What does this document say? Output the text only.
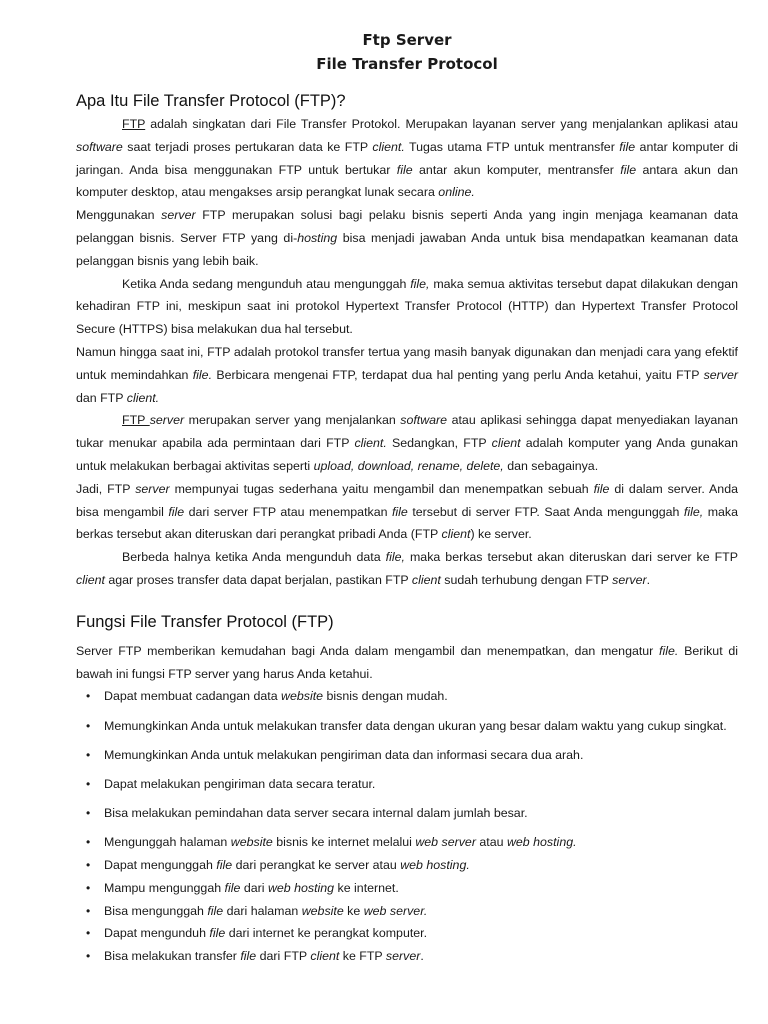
Ftp Server
File Transfer Protocol
Apa Itu File Transfer Protocol (FTP)?

FTP adalah singkatan dari File Transfer Protokol. Merupakan layanan server yang menjalankan aplikasi atau software saat terjadi proses pertukaran data ke FTP client. Tugas utama FTP untuk mentransfer file antar komputer di jaringan. Anda bisa menggunakan FTP untuk bertukar file antar akun komputer, mentransfer file antara akun dan komputer desktop, atau mengakses arsip perangkat lunak secara online.

Menggunakan server FTP merupakan solusi bagi pelaku bisnis seperti Anda yang ingin menjaga keamanan data pelanggan bisnis. Server FTP yang di-hosting bisa menjadi jawaban Anda untuk bisa mendapatkan keamanan data pelanggan bisnis yang lebih baik.

Ketika Anda sedang mengunduh atau mengunggah file, maka semua aktivitas tersebut dapat dilakukan dengan kehadiran FTP ini, meskipun saat ini protokol Hypertext Transfer Protocol (HTTP) dan Hypertext Transfer Protocol Secure (HTTPS) bisa melakukan dua hal tersebut.

Namun hingga saat ini, FTP adalah protokol transfer tertua yang masih banyak digunakan dan menjadi cara yang efektif untuk memindahkan file. Berbicara mengenai FTP, terdapat dua hal penting yang perlu Anda ketahui, yaitu FTP server dan FTP client.

FTP server merupakan server yang menjalankan software atau aplikasi sehingga dapat menyediakan layanan tukar menukar apabila ada permintaan dari FTP client. Sedangkan, FTP client adalah komputer yang Anda gunakan untuk melakukan berbagai aktivitas seperti upload, download, rename, delete, dan sebagainya.

Jadi, FTP server mempunyai tugas sederhana yaitu mengambil dan menempatkan sebuah file di dalam server. Anda bisa mengambil file dari server FTP atau menempatkan file tersebut di server FTP. Saat Anda mengunggah file, maka berkas tersebut akan diteruskan dari perangkat pribadi Anda (FTP client) ke server.

Berbeda halnya ketika Anda mengunduh data file, maka berkas tersebut akan diteruskan dari server ke FTP client agar proses transfer data dapat berjalan, pastikan FTP client sudah terhubung dengan FTP server.

Fungsi File Transfer Protocol (FTP)

Server FTP memberikan kemudahan bagi Anda dalam mengambil dan menempatkan, dan mengatur file. Berikut di bawah ini fungsi FTP server yang harus Anda ketahui.

• Dapat membuat cadangan data website bisnis dengan mudah.
• Memungkinkan Anda untuk melakukan transfer data dengan ukuran yang besar dalam waktu yang cukup singkat.
• Memungkinkan Anda untuk melakukan pengiriman data dan informasi secara dua arah.
• Dapat melakukan pengiriman data secara teratur.
• Bisa melakukan pemindahan data server secara internal dalam jumlah besar.
• Mengunggah halaman website bisnis ke internet melalui web server atau web hosting.
• Dapat mengunggah file dari perangkat ke server atau web hosting.
• Mampu mengunggah file dari web hosting ke internet.
• Bisa mengunggah file dari halaman website ke web server.
• Dapat mengunduh file dari internet ke perangkat komputer.
• Bisa melakukan transfer file dari FTP client ke FTP server.
